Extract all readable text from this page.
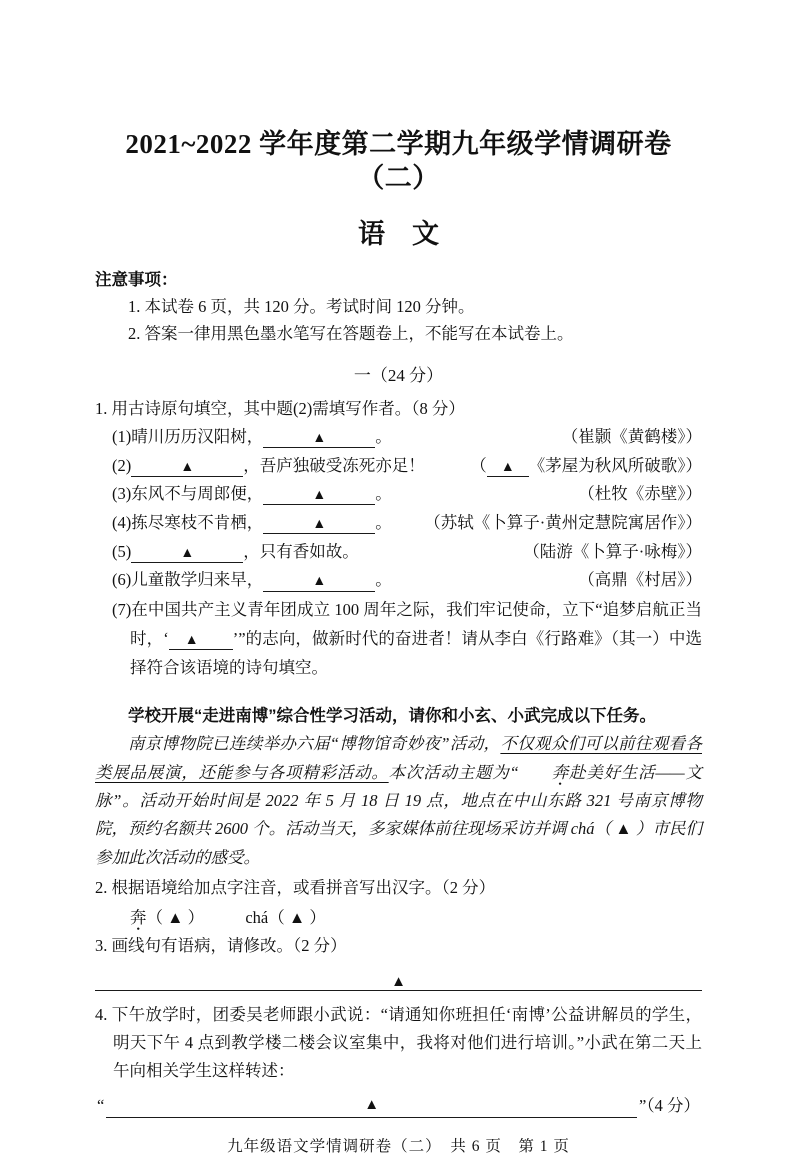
2021~2022 学年度第二学期九年级学情调研卷（二）
语　文
注意事项：
1. 本试卷 6 页，共 120 分。考试时间 120 分钟。
2. 答案一律用黑色墨水笔写在答题卷上，不能写在本试卷上。
一（24 分）
1. 用古诗原句填空，其中题(2)需填写作者。（8 分）
(1)晴川历历汉阳树，	▲	。	（崔颢《黄鹤楼》）
(2)	▲	，吾庐独破受冻死亦足！	（ ▲ 《茅屋为秋风所破歌》）
(3)东风不与周郎便，	▲	。	（杜牧《赤壁》）
(4)拣尽寒枝不肯栖，	▲	。 （苏轼《卜算子·黄州定慧院寓居作》）
(5)	▲	，只有香如故。	（陆游《卜算子·咏梅》）
(6)儿童散学归来早，	▲	。	（高鼎《村居》）
(7)在中国共产主义青年团成立 100 周年之际，我们牢记使命，立下“追梦启航正当时，‘ ▲ ’”的志向，做新时代的奋进者！请从李白《行路难》（其一）中选择符合该语境的诗句填空。
学校开展“走进南博”综合性学习活动，请你和小玄、小武完成以下任务。
南京博物院已连续举办六届“博物馆奇妙夜”活动，不仅观众们可以前往观看各类展品展演，还能参与各项精彩活动。本次活动主题为“ 奔赴美好生活——文脉”。活动开始时间是 2022 年 5 月 18 日 19 点，地点在中山东路 321 号南京博物院，预约名额共 2600 个。活动当天，多家媒体前往现场采访并调 chá（ ▲ ）市民们参加此次活动的感受。
2. 根据语境给加点字注音，或看拼音写出汉字。（2 分）
奔（ ▲ ）　　　chá（ ▲ ）
3. 画线句有语病，请修改。（2 分）
▲
4. 下午放学时，团委吴老师跟小武说：“请通知你班担任‘南博’公益讲解员的学生，明天下午 4 点到教学楼二楼会议室集中，我将对他们进行培训。”小武在第二天上午向相关学生这样转述：
“	▲	”（4 分）
九年级语文学情调研卷（二）　共 6 页　第 1 页
